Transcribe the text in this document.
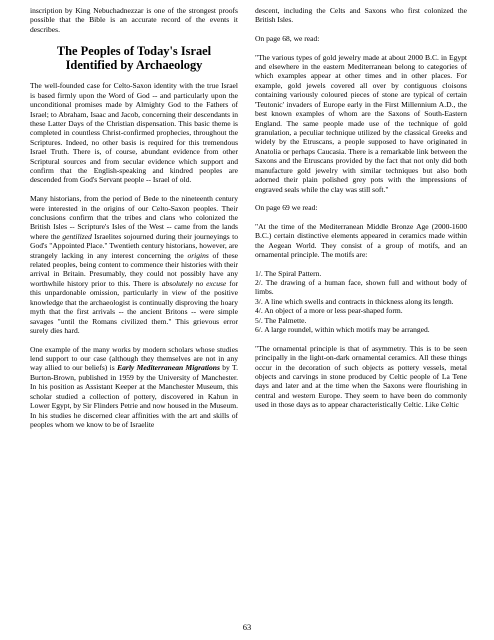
inscription by King Nebuchadnezzar is one of the strongest proofs possible that the Bible is an accurate record of the events it describes.

The Peoples of Today's Israel Identified by Archaeology

The well-founded case for Celto-Saxon identity with the true Israel is based firmly upon the Word of God -- and particularly upon the unconditional promises made by Almighty God to the Fathers of Israel; to Abraham, Isaac and Jacob, concerning their descendants in these Latter Days of the Christian dispensation. This basic theme is completed in countless Christ-confirmed prophecies, throughout the Scriptures. Indeed, no other basis is required for this tremendous Israel Truth. There is, of course, abundant evidence from other Scriptural sources and from secular evidence which support and confirm that the English-speaking and kindred peoples are descended from God's Servant people -- Israel of old.

Many historians, from the period of Bede to the nineteenth century were interested in the origins of our Celto-Saxon peoples. Their conclusions confirm that the tribes and clans who colonized the British Isles -- Scripture's Isles of the West -- came from the lands where the gentilized Israelites sojourned during their journeyings to God's "Appointed Place." Twentieth century historians, however, are strangely lacking in any interest concerning the origins of these related peoples, being content to commence their histories with their arrival in Britain. Presumably, they could not possibly have any worthwhile history prior to this. There is absolutely no excuse for this unpardonable omission, particularly in view of the positive knowledge that the archaeologist is continually disproving the hoary myth that the first arrivals -- the ancient Britons -- were simple savages "until the Romans civilized them." This grievous error surely dies hard.

One example of the many works by modern scholars whose studies lend support to our case (although they themselves are not in any way allied to our beliefs) is Early Mediterranean Migrations by T. Burton-Brown, published in 1959 by the University of Manchester. In his position as Assistant Keeper at the Manchester Museum, this scholar studied a collection of pottery, discovered in Kahun in Lower Egypt, by Sir Flinders Petrie and now housed in the Museum. In his studies he discerned clear affinities with the art and skills of peoples whom we know to be of Israelite

descent, including the Celts and Saxons who first colonized the British Isles.

On page 68, we read:

"The various types of gold jewelry made at about 2000 B.C. in Egypt and elsewhere in the eastern Mediterranean belong to categories of which examples appear at other times and in other places. For example, gold jewels covered all over by contiguous cloisons containing variously coloured pieces of stone are typical of certain 'Teutonic' invaders of Europe early in the First Millennium A.D., the best known examples of whom are the Saxons of South-Eastern England. The same people made use of the technique of gold granulation, a peculiar technique utilized by the classical Greeks and widely by the Etruscans, a people supposed to have originated in Anatolia or perhaps Caucasia. There is a remarkable link between the Saxons and the Etruscans provided by the fact that not only did both manufacture gold jewelry with similar techniques but also both adorned their plain polished grey pots with the impressions of engraved seals while the clay was still soft."

On page 69 we read:

"At the time of the Mediterranean Middle Bronze Age (2000-1600 B.C.) certain distinctive elements appeared in ceramics made within the Aegean World. They consist of a group of motifs, and an ornamental principle. The motifs are:

1/. The Spiral Pattern.

2/. The drawing of a human face, shown full and without body of limbs.

3/. A line which swells and contracts in thickness along its length.

4/. An object of a more or less pear-shaped form.

5/. The Palmette.

6/. A large roundel, within which motifs may be arranged.

"The ornamental principle is that of asymmetry. This is to be seen principally in the light-on-dark ornamental ceramics. All these things occur in the decoration of such objects as pottery vessels, metal objects and carvings in stone produced by Celtic people of La Tene days and later and at the time when the Saxons were flourishing in central and western Europe. They seem to have been do commonly used in those days as to appear characteristically Celtic. Like Celtic

63
